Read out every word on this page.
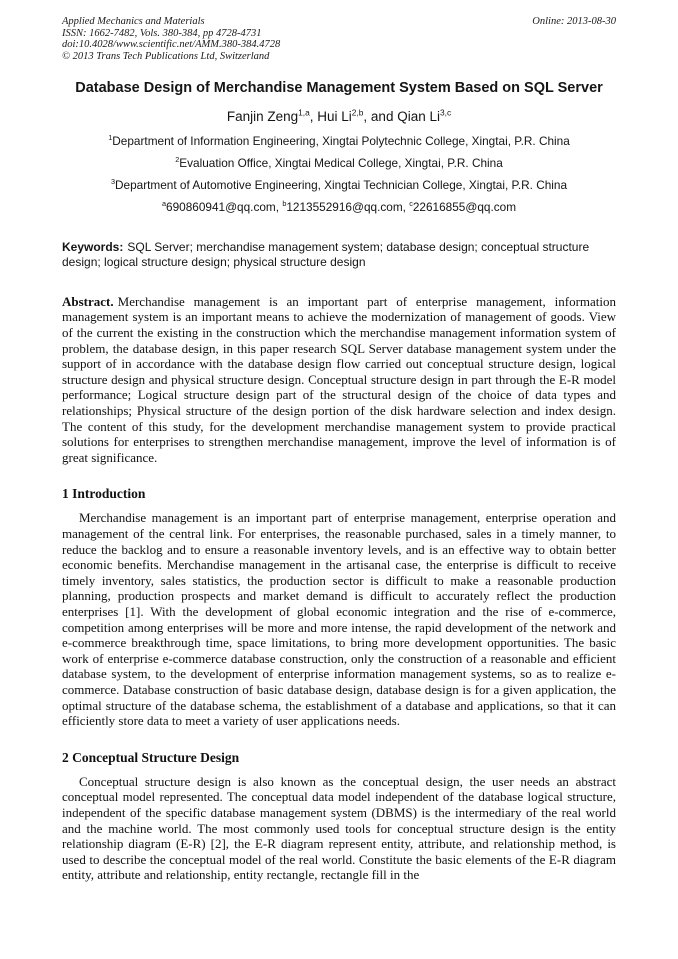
Applied Mechanics and Materials
ISSN: 1662-7482, Vols. 380-384, pp 4728-4731
doi:10.4028/www.scientific.net/AMM.380-384.4728
© 2013 Trans Tech Publications Ltd, Switzerland
Online: 2013-08-30
Database Design of Merchandise Management System Based on SQL Server
Fanjin Zeng$^{1,a}$, Hui Li$^{2,b}$, and Qian Li$^{3,c}$
$^1$Department of Information Engineering, Xingtai Polytechnic College, Xingtai, P.R. China
$^2$Evaluation Office, Xingtai Medical College, Xingtai, P.R. China
$^3$Department of Automotive Engineering, Xingtai Technician College, Xingtai, P.R. China
$^a$690860941@qq.com, $^b$1213552916@qq.com, $^c$22616855@qq.com

Keywords: SQL Server; merchandise management system; database design; conceptual structure design; logical structure design; physical structure design

Abstract. Merchandise management is an important part of enterprise management, information management system is an important means to achieve the modernization of management of goods. View of the current the existing in the construction which the merchandise management information system of problem, the database design, in this paper research SQL Server database management system under the support of in accordance with the database design flow carried out conceptual structure design, logical structure design and physical structure design. Conceptual structure design in part through the E-R model performance; Logical structure design part of the structural design of the choice of data types and relationships; Physical structure of the design portion of the disk hardware selection and index design. The content of this study, for the development merchandise management system to provide practical solutions for enterprises to strengthen merchandise management, improve the level of information is of great significance.

1 Introduction

Merchandise management is an important part of enterprise management, enterprise operation and management of the central link. For enterprises, the reasonable purchased, sales in a timely manner, to reduce the backlog and to ensure a reasonable inventory levels, and is an effective way to obtain better economic benefits. Merchandise management in the artisanal case, the enterprise is difficult to receive timely inventory, sales statistics, the production sector is difficult to make a reasonable production planning, production prospects and market demand is difficult to accurately reflect the production enterprises [1]. With the development of global economic integration and the rise of e-commerce, competition among enterprises will be more and more intense, the rapid development of the network and e-commerce breakthrough time, space limitations, to bring more development opportunities. The basic work of enterprise e-commerce database construction, only the construction of a reasonable and efficient database system, to the development of enterprise information management systems, so as to realize e-commerce. Database construction of basic database design, database design is for a given application, the optimal structure of the database schema, the establishment of a database and applications, so that it can efficiently store data to meet a variety of user applications needs.

2 Conceptual Structure Design

Conceptual structure design is also known as the conceptual design, the user needs an abstract conceptual model represented. The conceptual data model independent of the database logical structure, independent of the specific database management system (DBMS) is the intermediary of the real world and the machine world. The most commonly used tools for conceptual structure design is the entity relationship diagram (E-R) [2], the E-R diagram represent entity, attribute, and relationship method, is used to describe the conceptual model of the real world. Constitute the basic elements of the E-R diagram entity, attribute and relationship, entity rectangle, rectangle fill in the
